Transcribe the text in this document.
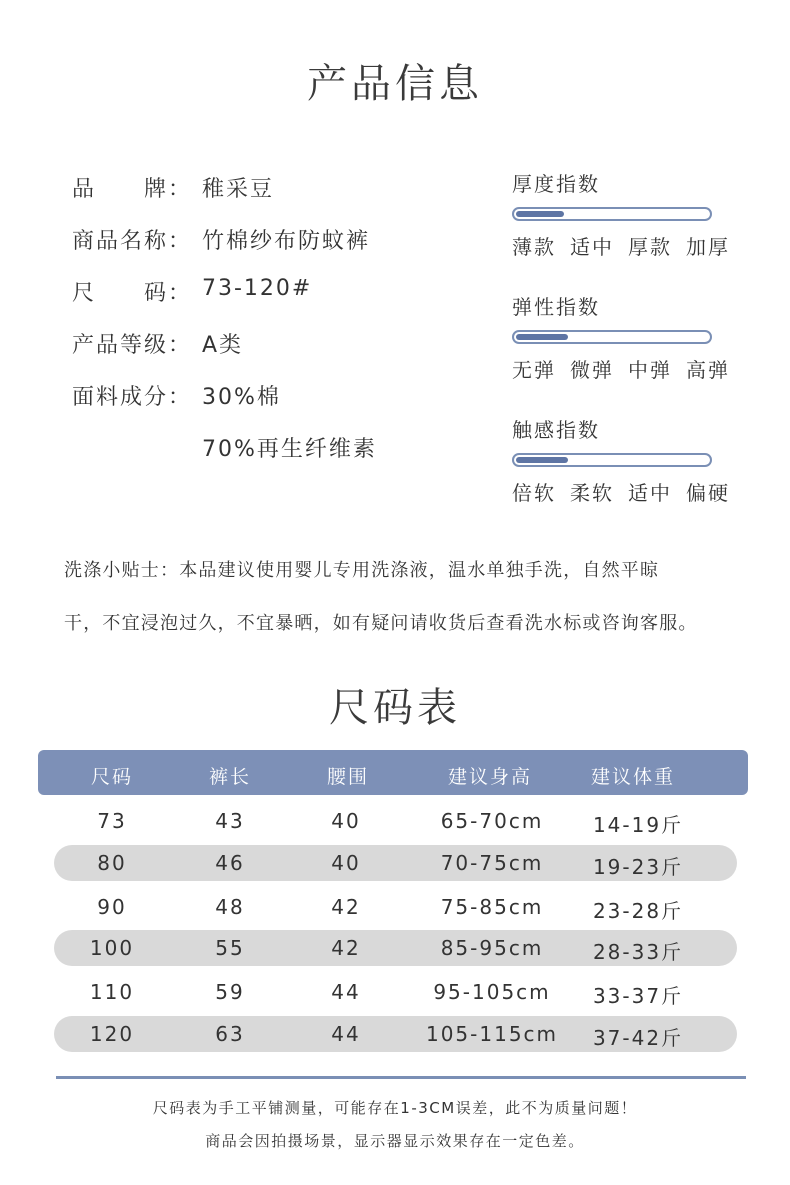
产品信息
品　　牌： 稚采豆
商品名称： 竹棉纱布防蚊裤
尺　　码： 73-120#
产品等级： A类
面料成分： 30%棉
70%再生纤维素
厚度指数
薄款 适中 厚款 加厚
弹性指数
无弹 微弹 中弹 高弹
触感指数
倍软 柔软 适中 偏硬
洗涤小贴士：本品建议使用婴儿专用洗涤液，温水单独手洗，自然平晾
干，不宜浸泡过久，不宜暴晒，如有疑问请收货后查看洗水标或咨询客服。
尺码表
尺码	裤长	腰围	建议身高	建议体重
73	43	40	65-70cm 14-19斤
80	46	40	70-75cm 19-23斤
90	48	42	75-85cm 23-28斤
100	55	42	85-95cm 28-33斤
110	59	44	95-105cm 33-37斤
120	63	44	105-115cm 37-42斤
尺码表为手工平铺测量，可能存在1-3CM误差，此不为质量问题！
商品会因拍摄场景，显示器显示效果存在一定色差。
